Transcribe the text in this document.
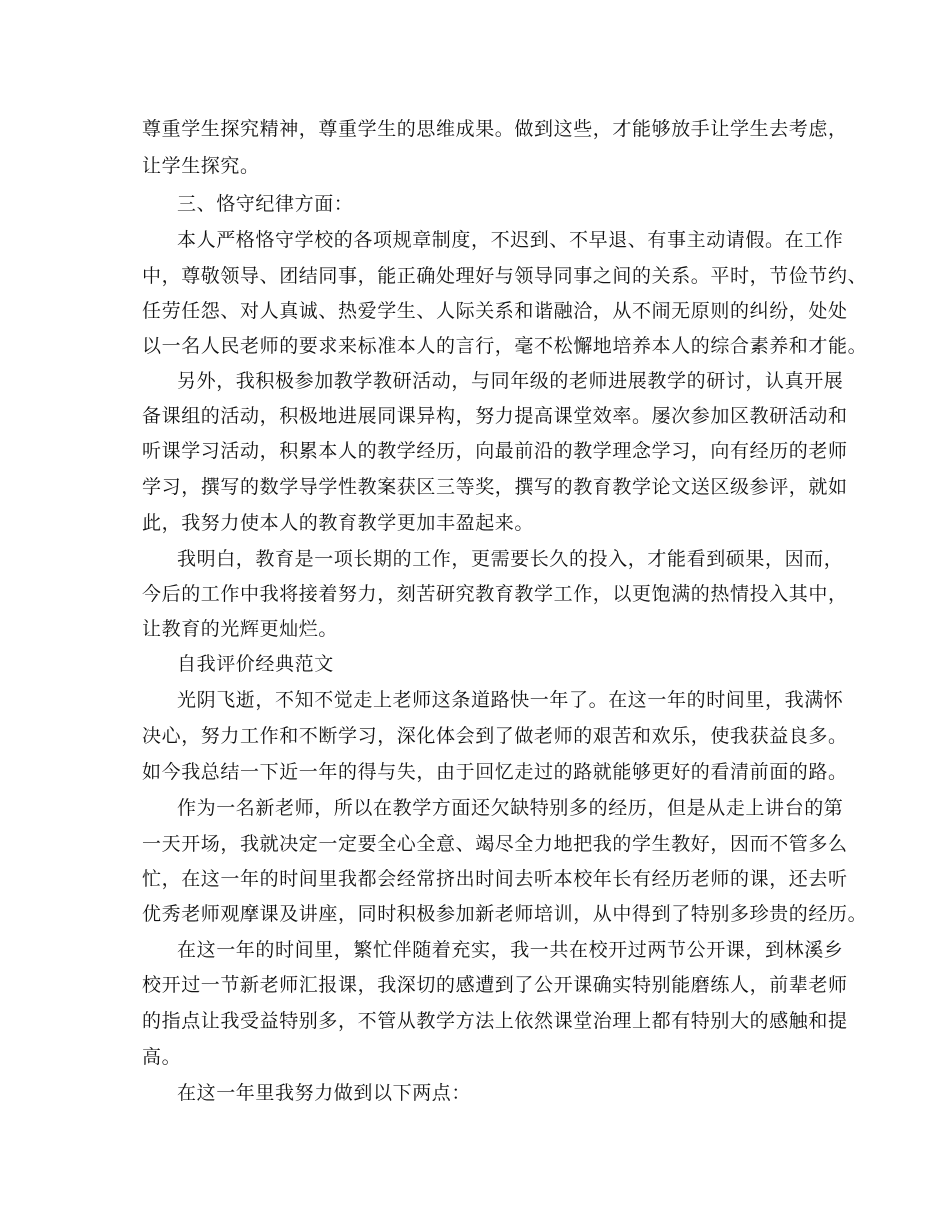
尊重学生探究精神，尊重学生的思维成果。做到这些，才能够放手让学生去考虑，
让学生探究。
三、恪守纪律方面：
本人严格恪守学校的各项规章制度，不迟到、不早退、有事主动请假。在工作
中，尊敬领导、团结同事，能正确处理好与领导同事之间的关系。平时，节俭节约、
任劳任怨、对人真诚、热爱学生、人际关系和谐融洽，从不闹无原则的纠纷，处处
以一名人民老师的要求来标准本人的言行，毫不松懈地培养本人的综合素养和才能。
另外，我积极参加教学教研活动，与同年级的老师进展教学的研讨，认真开展
备课组的活动，积极地进展同课异构，努力提高课堂效率。屡次参加区教研活动和
听课学习活动，积累本人的教学经历，向最前沿的教学理念学习，向有经历的老师
学习，撰写的数学导学性教案获区三等奖，撰写的教育教学论文送区级参评，就如
此，我努力使本人的教育教学更加丰盈起来。
我明白，教育是一项长期的工作，更需要长久的投入，才能看到硕果，因而，
今后的工作中我将接着努力，刻苦研究教育教学工作，以更饱满的热情投入其中，
让教育的光辉更灿烂。
自我评价经典范文
光阴飞逝，不知不觉走上老师这条道路快一年了。在这一年的时间里，我满怀
决心，努力工作和不断学习，深化体会到了做老师的艰苦和欢乐，使我获益良多。
如今我总结一下近一年的得与失，由于回忆走过的路就能够更好的看清前面的路。
作为一名新老师，所以在教学方面还欠缺特别多的经历，但是从走上讲台的第
一天开场，我就决定一定要全心全意、竭尽全力地把我的学生教好，因而不管多么
忙，在这一年的时间里我都会经常挤出时间去听本校年长有经历老师的课，还去听
优秀老师观摩课及讲座，同时积极参加新老师培训，从中得到了特别多珍贵的经历。
在这一年的时间里，繁忙伴随着充实，我一共在校开过两节公开课，到林溪乡
校开过一节新老师汇报课，我深切的感遭到了公开课确实特别能磨练人，前辈老师
的指点让我受益特别多，不管从教学方法上依然课堂治理上都有特别大的感触和提
高。
在这一年里我努力做到以下两点：
